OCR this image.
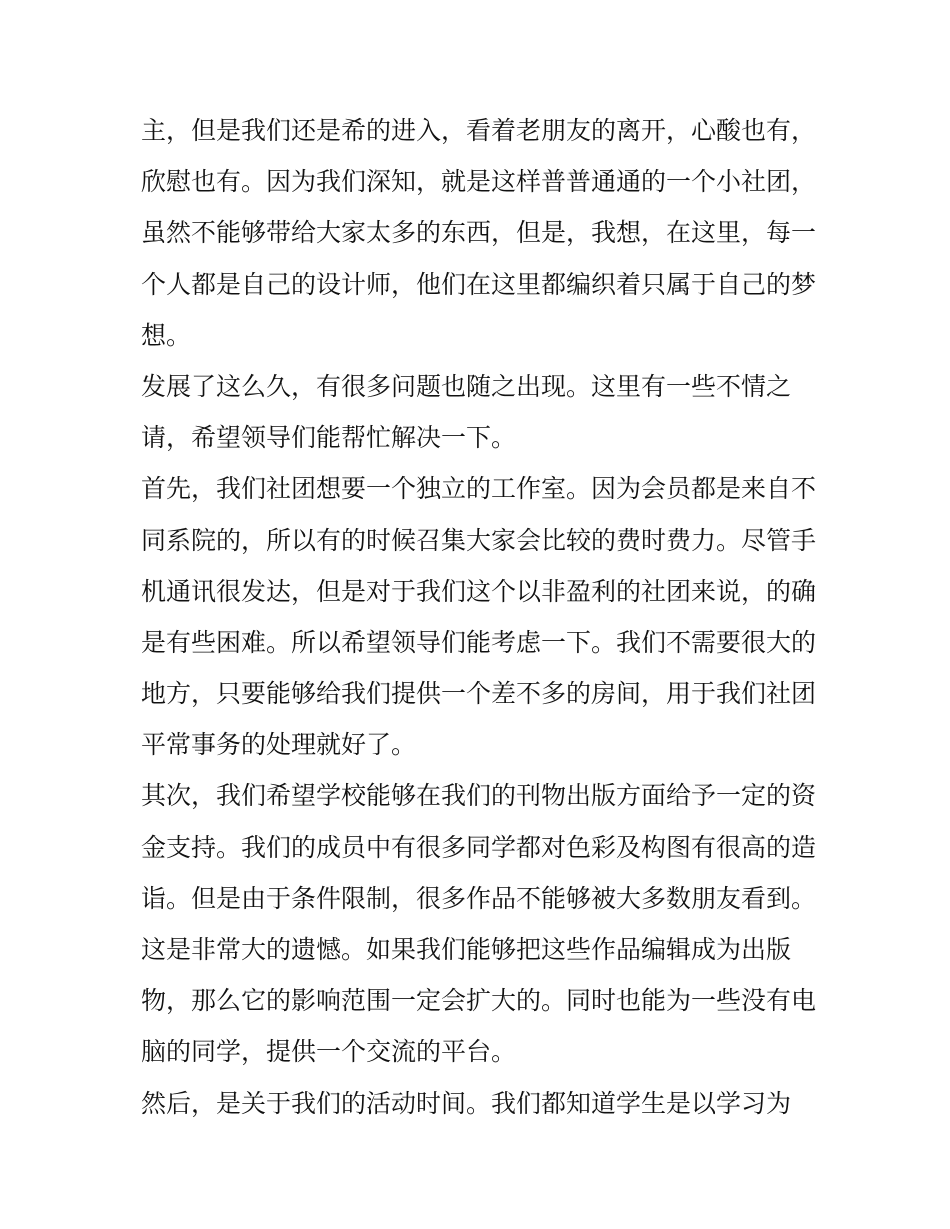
主，但是我们还是希的进入，看着老朋友的离开，心酸也有，
欣慰也有。因为我们深知，就是这样普普通通的一个小社团，
虽然不能够带给大家太多的东西，但是，我想，在这里，每一
个人都是自己的设计师，他们在这里都编织着只属于自己的梦
想。
发展了这么久，有很多问题也随之出现。这里有一些不情之
请，希望领导们能帮忙解决一下。
首先，我们社团想要一个独立的工作室。因为会员都是来自不
同系院的，所以有的时候召集大家会比较的费时费力。尽管手
机通讯很发达，但是对于我们这个以非盈利的社团来说，的确
是有些困难。所以希望领导们能考虑一下。我们不需要很大的
地方，只要能够给我们提供一个差不多的房间，用于我们社团
平常事务的处理就好了。
其次，我们希望学校能够在我们的刊物出版方面给予一定的资
金支持。我们的成员中有很多同学都对色彩及构图有很高的造
诣。但是由于条件限制，很多作品不能够被大多数朋友看到。
这是非常大的遗憾。如果我们能够把这些作品编辑成为出版
物，那么它的影响范围一定会扩大的。同时也能为一些没有电
脑的同学，提供一个交流的平台。
然后，是关于我们的活动时间。我们都知道学生是以学习为
